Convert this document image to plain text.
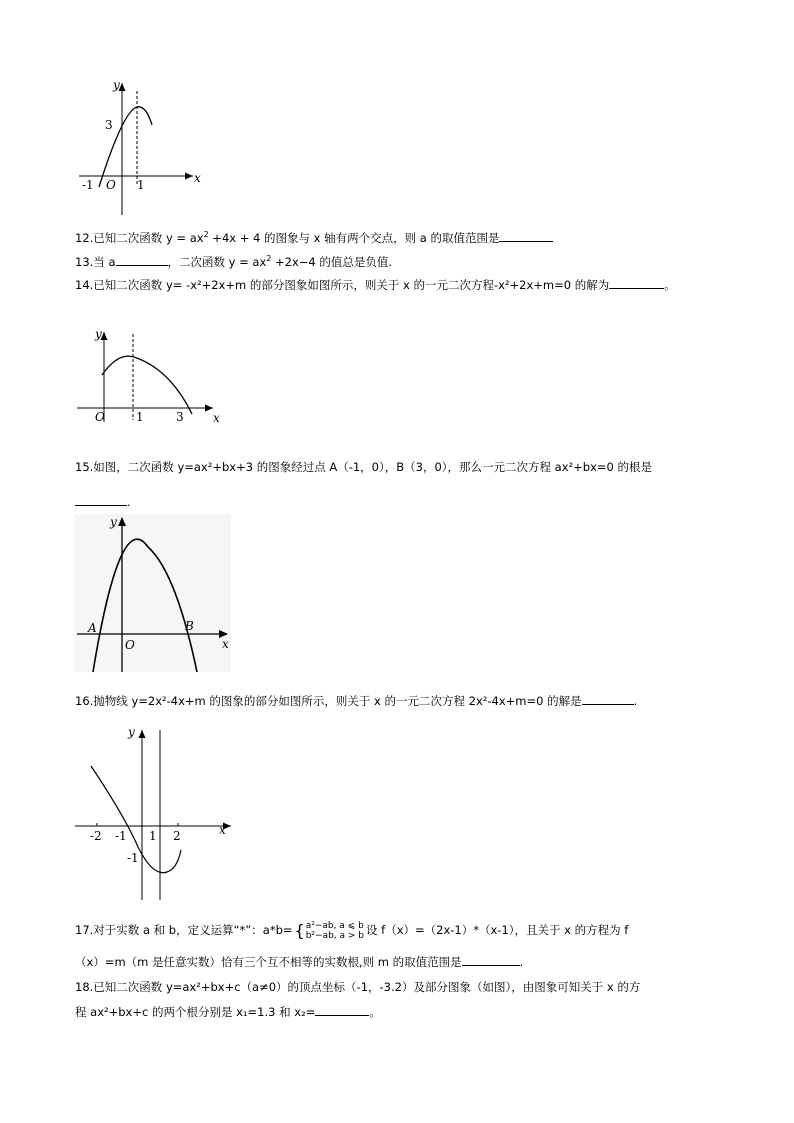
x
y
3
-1 O 1
12.已知二次函数 $y = ax^2 +4x + 4$ 的图象与 x 轴有两个交点，则 a 的取值范围是
13.当 a	，二次函数 $y = ax^2 +2x-4$ 的值总是负值.
14.已知二次函数 y= -x²+2x+m 的部分图象如图所示，则关于 x 的一元二次方程-x²+2x+m=0 的解为	。
x
y
O	1	3
15.如图，二次函数 y=ax²+bx+3 的图象经过点 A（-1，0），B（3，0），那么一元二次方程 ax²+bx=0 的根是
.
x
y
O
A	B
16.抛物线 y=2x²-4x+m 的图象的部分如图所示，则关于 x 的一元二次方程 2x²-4x+m=0 的解是	.
x
y
-2 -1 1 2
-1
17.对于实数 a 和 b，定义运算“*”：a*b= { a²−ab, a ⩽ b
b²−ab, a > b 设 f（x）=（2x-1）*（x-1），且关于 x 的方程为 f
（x）=m（m 是任意实数）恰有三个互不相等的实数根,则 m 的取值范围是	.
18.已知二次函数 y=ax²+bx+c（a≠0）的顶点坐标（-1，-3.2）及部分图象（如图），由图象可知关于 x 的方
程 ax²+bx+c 的两个根分别是 x₁=1.3 和 x₂=	。
